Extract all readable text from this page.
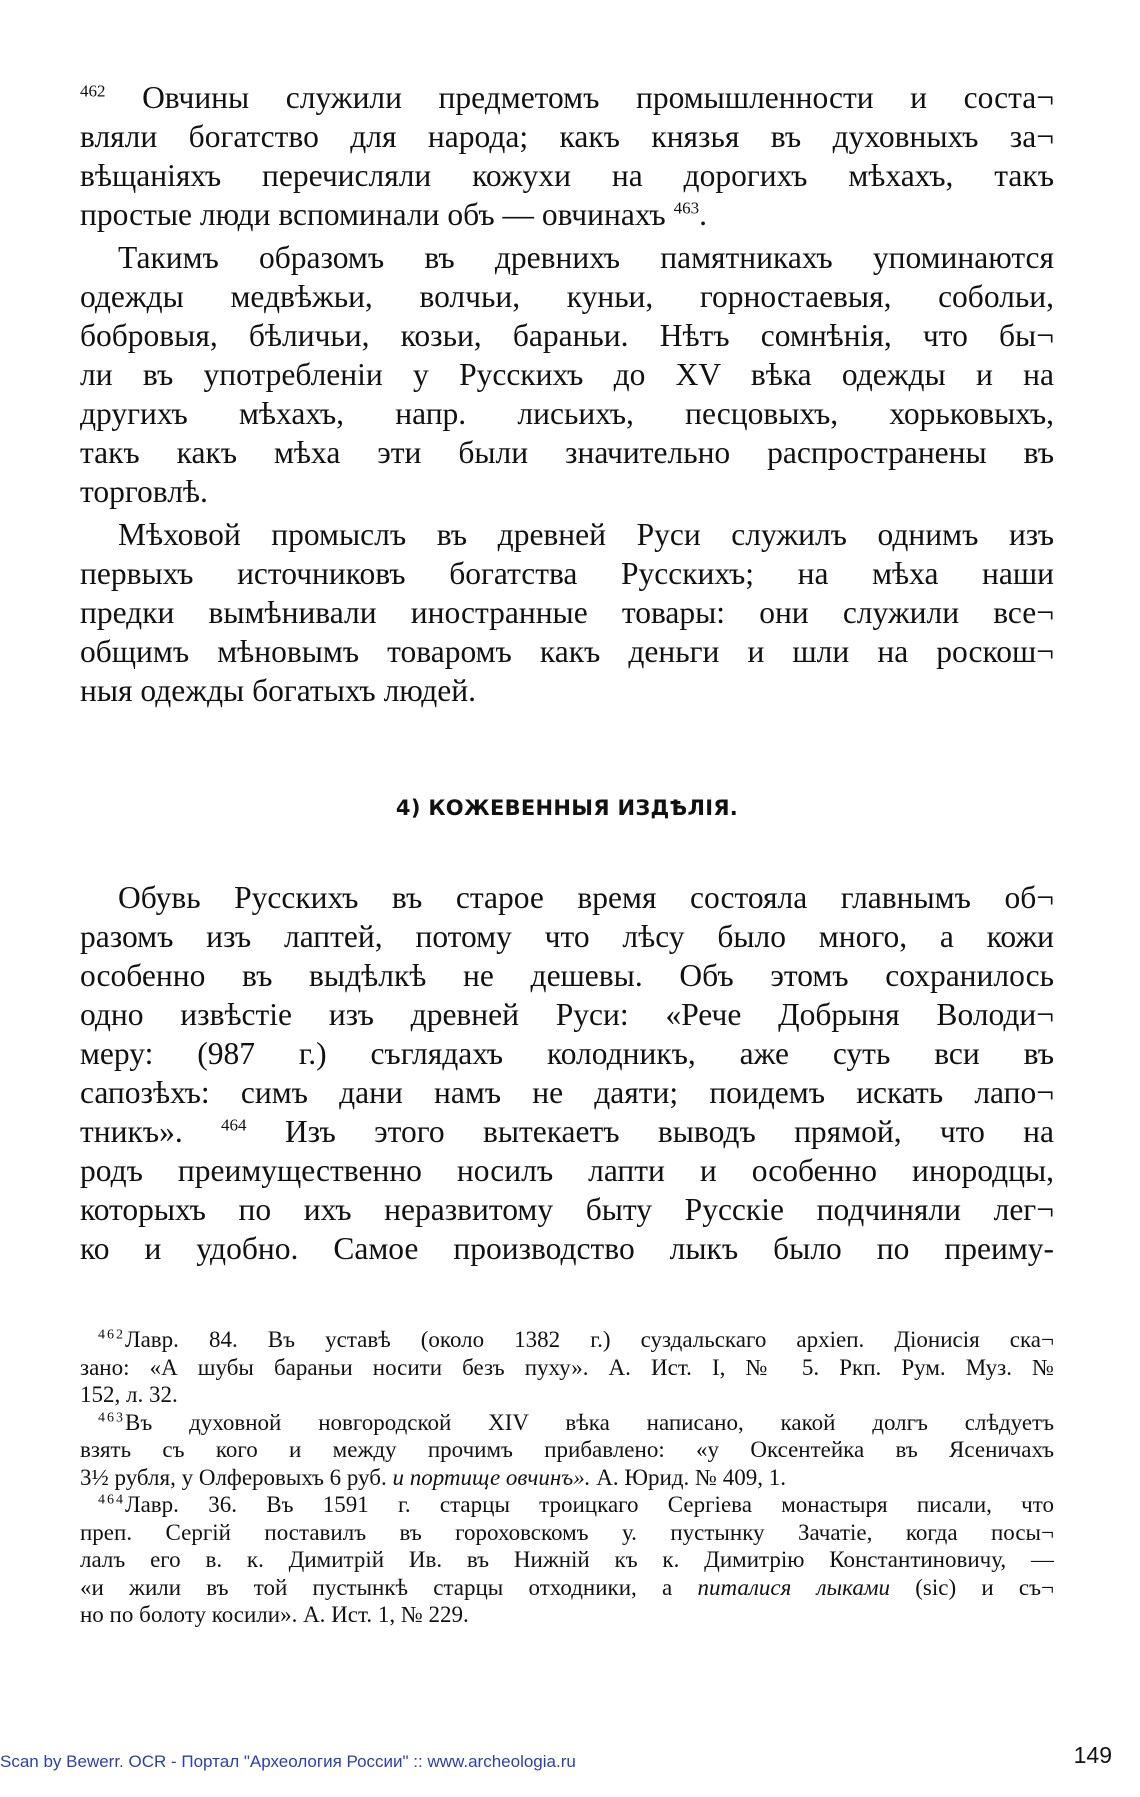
$^{462}$ Овчины служили предметомъ промышленности и соста¬
вляли богатство для народа; какъ князья въ духовныхъ за¬
вѣщаніяхъ перечисляли кожухи на дорогихъ мѣхахъ, такъ
простые люди вспоминали объ — овчинахъ $^{463}$.
Такимъ образомъ въ древнихъ памятникахъ упоминаются
одежды медвѣжьи, волчьи, куньи, горностаевыя, собольи,
бобровыя, бѣличьи, козьи, бараньи. Нѣтъ сомнѣнія, что бы¬
ли въ употребленіи у Русскихъ до XV вѣка одежды и на
другихъ мѣхахъ, напр. лисьихъ, песцовыхъ, хорьковыхъ,
такъ какъ мѣха эти были значительно распространены въ
торговлѣ.
Мѣховой промыслъ въ древней Руси служилъ однимъ изъ
первыхъ источниковъ богатства Русскихъ; на мѣха наши
предки вымѣнивали иностранные товары: они служили все¬
общимъ мѣновымъ товаромъ какъ деньги и шли на роскош¬
ныя одежды богатыхъ людей.
4) КОЖЕВЕННЫЯ ИЗДѢЛІЯ.
Обувь Русскихъ въ старое время состояла главнымъ об¬
разомъ изъ лаптей, потому что лѣсу было много, а кожи
особенно въ выдѣлкѣ не дешевы. Объ этомъ сохранилось
одно извѣстіе изъ древней Руси: «Рече Добрыня Володи¬
меру: (987 г.) съглядахъ колодникъ, аже суть вси въ
сапозѣхъ: симъ дани намъ не даяти; поидемъ искать лапо¬
тникъ». $^{464}$ Изъ этого вытекаетъ выводъ прямой, что на
родъ преимущественно носилъ лапти и особенно инородцы,
которыхъ по ихъ неразвитому быту Русскіе подчиняли лег¬
ко и удобно. Самое производство лыкъ было по преиму-
$^{462}$Лавр. 84. Въ уставѣ (около 1382 г.) суздальскаго архіеп. Діонисія ска¬
зано: «А шубы бараньи носити безъ пуху». А. Ист. I, № 5. Ркп. Рум. Муз. №
152, л. 32.
$^{463}$Въ духовной новгородской XIV вѣка написано, какой долгъ слѣдуетъ
взять съ кого и между прочимъ прибавлено: «у Оксентейка въ Ясеничахъ
3½ рубля, у Олферовыхъ 6 руб. и портище овчинъ». А. Юрид. № 409, 1.
$^{464}$Лавр. 36. Въ 1591 г. старцы троицкаго Сергіева монастыря писали, что
преп. Сергій поставилъ въ гороховскомъ у. пустынку Зачатіе, когда посы¬
лалъ его в. к. Димитрій Ив. въ Нижній къ к. Димитрію Константиновичу, —
«и жили въ той пустынкѣ старцы отходники, а питалися лыками (sic) и съ¬
но по болоту косили». А. Ист. 1, № 229.
Scan by Bewerr. OCR - Портал "Археология России" :: www.archeologia.ru	149
